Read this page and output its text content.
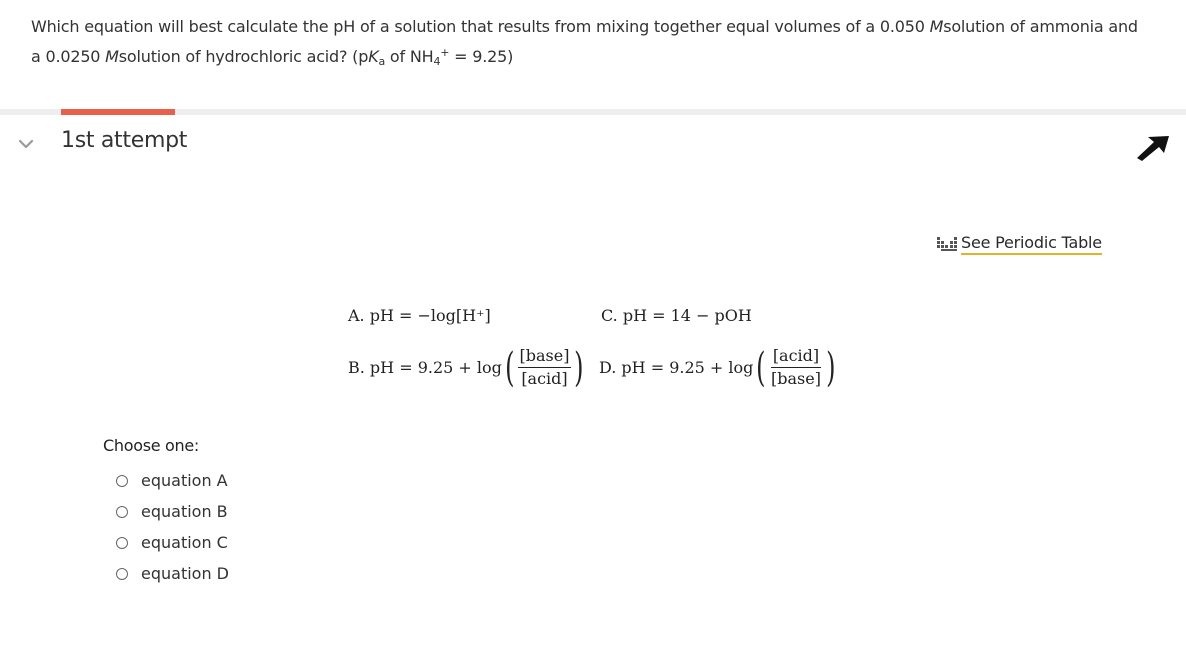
Which equation will best calculate the pH of a solution that results from mixing together equal volumes of a 0.050 Msolution of ammonia and a 0.0250 Msolution of hydrochloric acid? ($pK_a$ of $NH_4^+ = 9.25$)
1st attempt
See Periodic Table
A. pH = −log[H⁺]	C. pH = 14 − pOH
B. pH = 9.25 + log ( $\frac{\text{[base]}}{\text{[acid]}}$ ) D. pH = 9.25 + log ( $\frac{\text{[acid]}}{\text{[base]}}$ )
Choose one:
equation A
equation B
equation C
equation D
